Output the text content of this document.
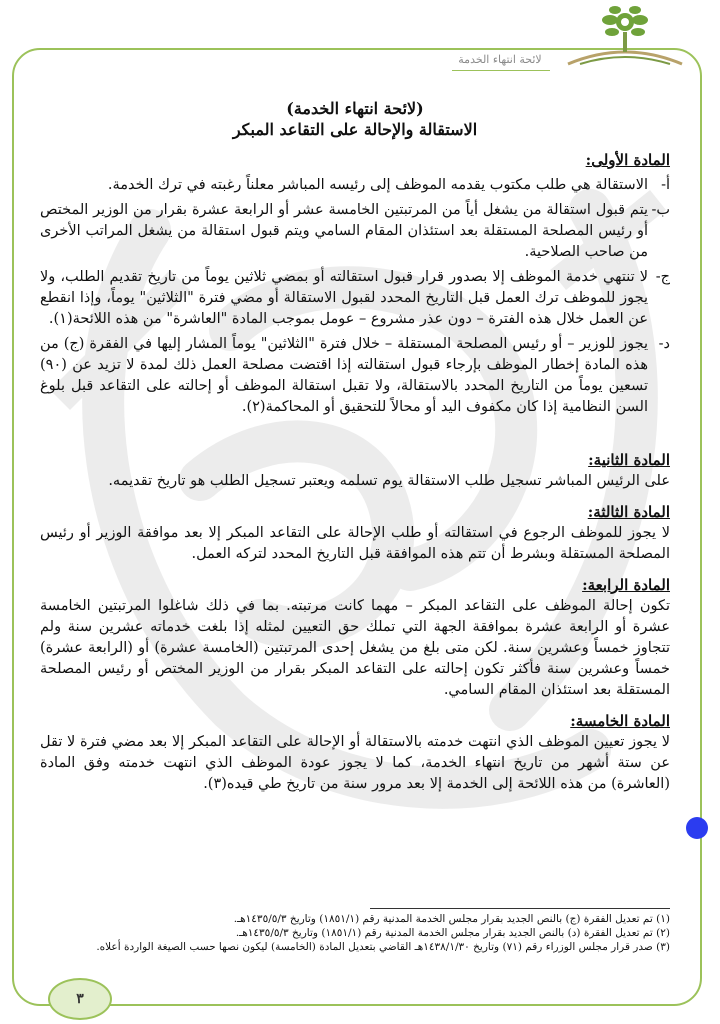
لائحة انتهاء الخدمة
(لائحة انتهاء الخدمة)
الاستقالة والإحالة على التقاعد المبكر
المادة الأولى:
أ-
الاستقالة هي طلب مكتوب يقدمه الموظف إلى رئيسه المباشر معلناً رغبته في ترك الخدمة.
ب-
يتم قبول استقالة من يشغل أياً من المرتبتين الخامسة عشر أو الرابعة عشرة بقرار من الوزير المختص أو رئيس المصلحة المستقلة بعد استئذان المقام السامي ويتم قبول استقالة من يشغل المراتب الأخرى من صاحب الصلاحية.
ج-
لا تنتهي خدمة الموظف إلا بصدور قرار قبول استقالته أو بمضي ثلاثين يوماً من تاريخ تقديم الطلب، ولا يجوز للموظف ترك العمل قبل التاريخ المحدد لقبول الاستقالة أو مضي فترة "الثلاثين" يوماً، وإذا انقطع عن العمل خلال هذه الفترة – دون عذر مشروع – عومل بموجب المادة "العاشرة" من هذه اللائحة(١).
د-
يجوز للوزير – أو رئيس المصلحة المستقلة – خلال فترة "الثلاثين" يوماً المشار إليها في الفقرة (ج) من هذه المادة إخطار الموظف بإرجاء قبول استقالته إذا اقتضت مصلحة العمل ذلك لمدة لا تزيد عن (٩٠) تسعين يوماً من التاريخ المحدد بالاستقالة، ولا تقبل استقالة الموظف أو إحالته على التقاعد قبل بلوغ السن النظامية إذا كان مكفوف اليد أو محالاً للتحقيق أو المحاكمة(٢).
المادة الثانية:
على الرئيس المباشر تسجيل طلب الاستقالة يوم تسلمه ويعتبر تسجيل الطلب هو تاريخ تقديمه.
المادة الثالثة:
لا يجوز للموظف الرجوع في استقالته أو طلب الإحالة على التقاعد المبكر إلا بعد موافقة الوزير أو رئيس المصلحة المستقلة وبشرط أن تتم هذه الموافقة قبل التاريخ المحدد لتركه العمل.
المادة الرابعة:
تكون إحالة الموظف على التقاعد المبكر – مهما كانت مرتبته. بما في ذلك شاغلوا المرتبتين الخامسة عشرة أو الرابعة عشرة بموافقة الجهة التي تملك حق التعيين لمثله إذا بلغت خدماته عشرين سنة ولم تتجاوز خمساً وعشرين سنة. لكن متى بلغ من يشغل إحدى المرتبتين (الخامسة عشرة) أو (الرابعة عشرة) خمساً وعشرين سنة فأكثر تكون إحالته على التقاعد المبكر بقرار من الوزير المختص أو رئيس المصلحة المستقلة بعد استئذان المقام السامي.
المادة الخامسة:
لا يجوز تعيين الموظف الذي انتهت خدمته بالاستقالة أو الإحالة على التقاعد المبكر إلا بعد مضي فترة لا تقل عن ستة أشهر من تاريخ انتهاء الخدمة، كما لا يجوز عودة الموظف الذي انتهت خدمته وفق المادة (العاشرة) من هذه اللائحة إلى الخدمة إلا بعد مرور سنة من تاريخ طي قيده(٣).
(١) تم تعديل الفقرة (ج) بالنص الجديد بقرار مجلس الخدمة المدنية رقم (١٨٥١/١) وتاريخ ١٤٣٥/٥/٣هـ.
(٢) تم تعديل الفقرة (د) بالنص الجديد بقرار مجلس الخدمة المدنية رقم (١٨٥١/١) وتاريخ ١٤٣٥/٥/٣هـ.
(٣) صدر قرار مجلس الوزراء رقم (٧١) وتاريخ ١٤٣٨/١/٣٠هـ القاضي بتعديل المادة (الخامسة) ليكون نصها حسب الصيغة الواردة أعلاه.
٣
